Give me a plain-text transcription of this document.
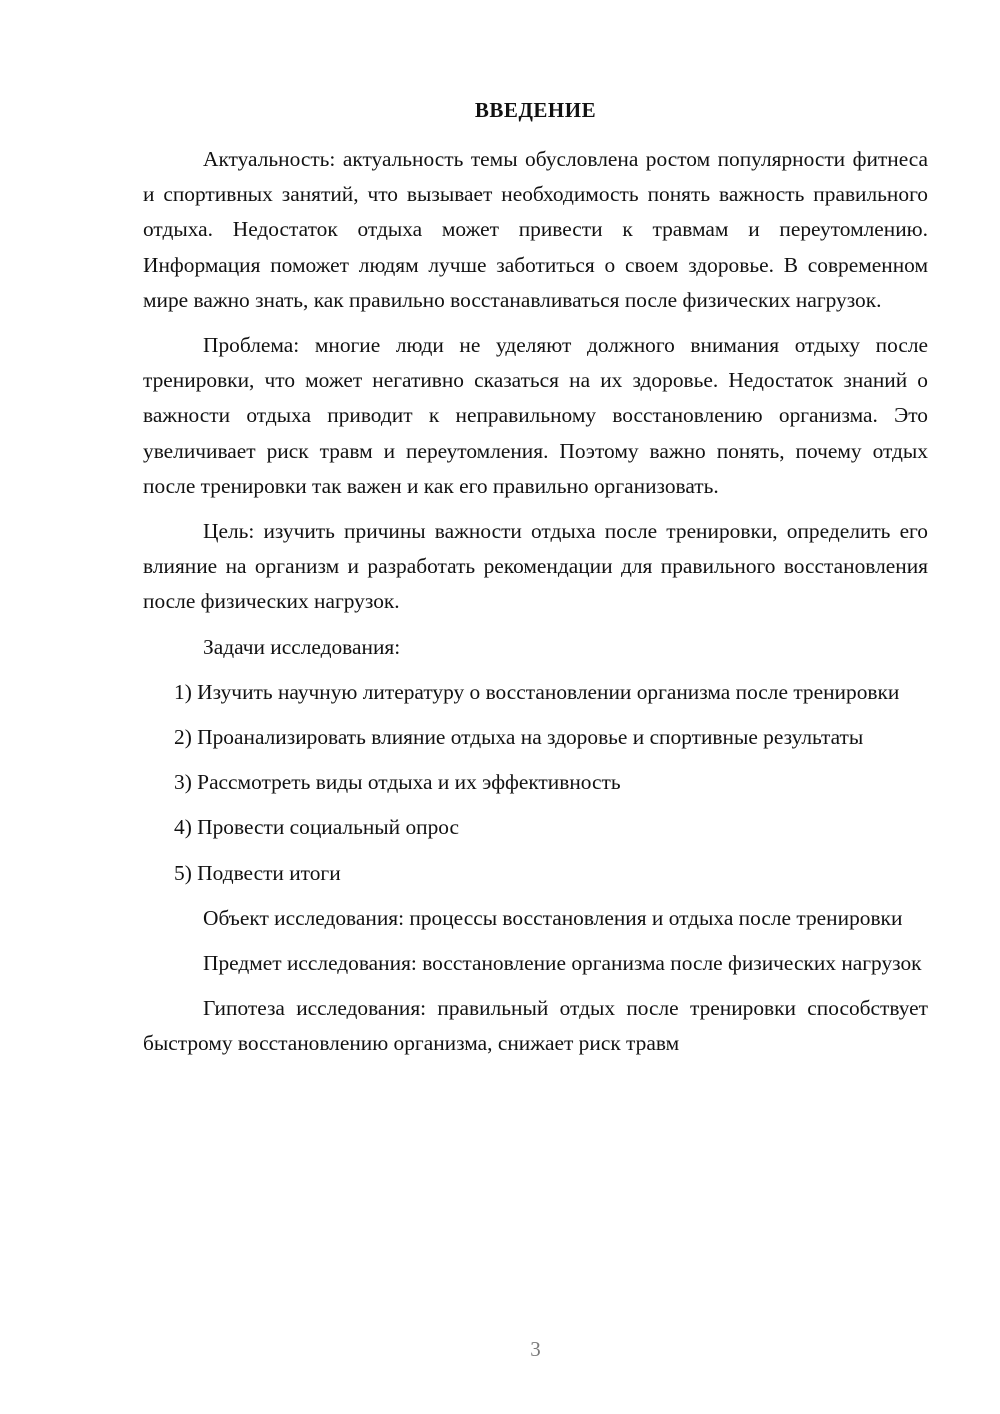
ВВЕДЕНИЕ

Актуальность: актуальность темы обусловлена ростом популярности фитнеса и спортивных занятий, что вызывает необходимость понять важность правильного отдыха. Недостаток отдыха может привести к травмам и переутомлению. Информация поможет людям лучше заботиться о своем здоровье. В современном мире важно знать, как правильно восстанавливаться после физических нагрузок.

Проблема: многие люди не уделяют должного внимания отдыху после тренировки, что может негативно сказаться на их здоровье. Недостаток знаний о важности отдыха приводит к неправильному восстановлению организма. Это увеличивает риск травм и переутомления. Поэтому важно понять, почему отдых после тренировки так важен и как его правильно организовать.

Цель: изучить причины важности отдыха после тренировки, определить его влияние на организм и разработать рекомендации для правильного восстановления после физических нагрузок.

Задачи исследования:

1) Изучить научную литературу о восстановлении организма после тренировки

2) Проанализировать влияние отдыха на здоровье и спортивные результаты

3) Рассмотреть виды отдыха и их эффективность

4) Провести социальный опрос

5) Подвести итоги

Объект исследования: процессы восстановления и отдыха после тренировки

Предмет исследования: восстановление организма после физических нагрузок

Гипотеза исследования: правильный отдых после тренировки способствует быстрому восстановлению организма, снижает риск травм

3
